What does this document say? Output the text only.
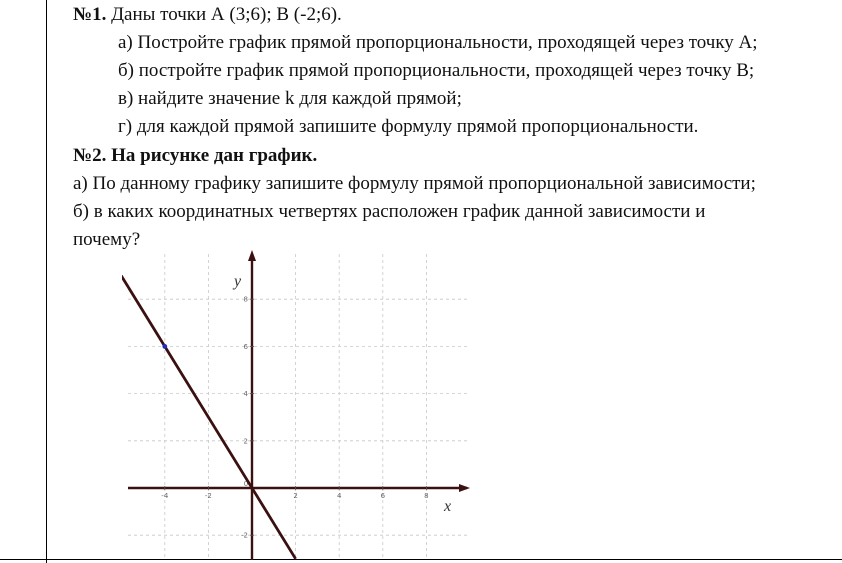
№1. Даны точки А (3;6); В (-2;6).
а) Постройте график прямой пропорциональности, проходящей через точку А;
б) постройте график прямой пропорциональности, проходящей через точку В;
в) найдите значение k для каждой прямой;
г) для каждой прямой запишите формулу прямой пропорциональности.
№2. На рисунке дан график.
а) По данному графику запишите формулу прямой пропорциональной зависимости;
б) в каких координатных четвертях расположен график данной зависимости и
почему?
-4	-2
0
2	4	6	8
-2
2
4
6
8
y
x
